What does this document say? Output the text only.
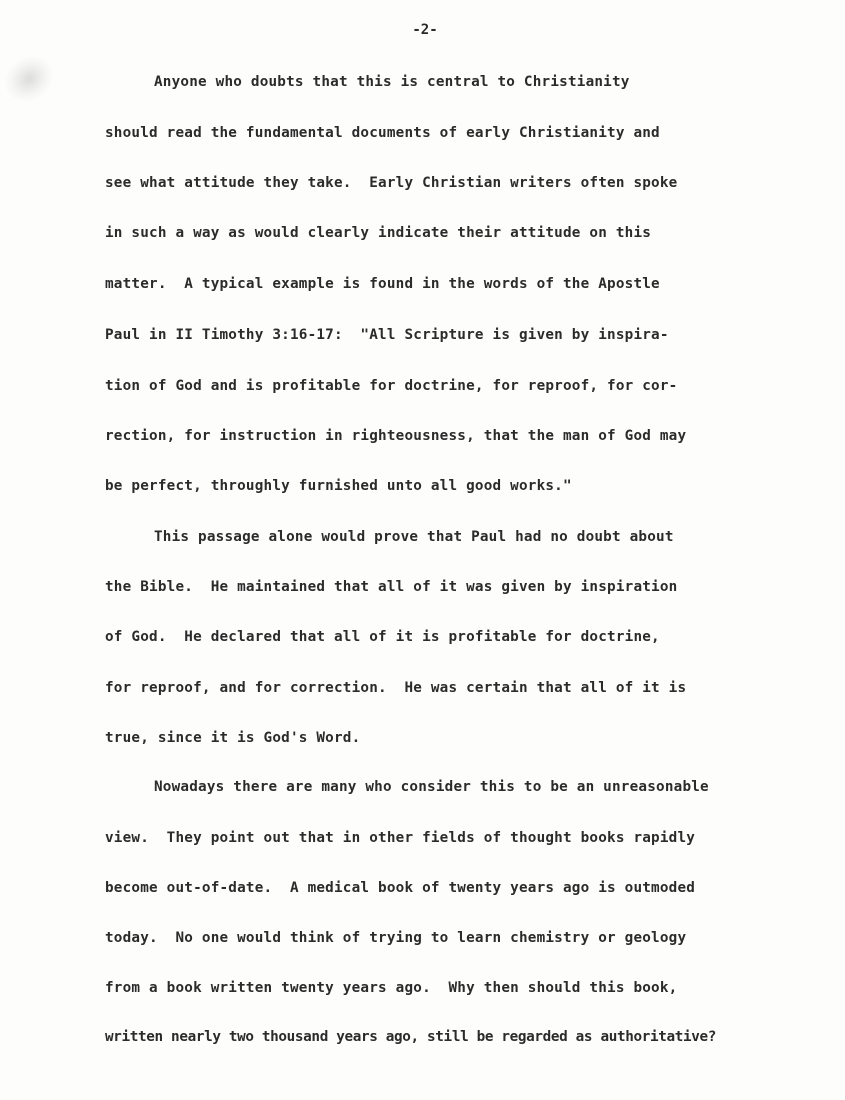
-2-
Anyone who doubts that this is central to Christianity
should read the fundamental documents of early Christianity and
see what attitude they take.  Early Christian writers often spoke
in such a way as would clearly indicate their attitude on this
matter.  A typical example is found in the words of the Apostle
Paul in II Timothy 3:16-17:  "All Scripture is given by inspira-
tion of God and is profitable for doctrine, for reproof, for cor-
rection, for instruction in righteousness, that the man of God may
be perfect, throughly furnished unto all good works."
This passage alone would prove that Paul had no doubt about
the Bible.  He maintained that all of it was given by inspiration
of God.  He declared that all of it is profitable for doctrine,
for reproof, and for correction.  He was certain that all of it is
true, since it is God's Word.
Nowadays there are many who consider this to be an unreasonable
view.  They point out that in other fields of thought books rapidly
become out-of-date.  A medical book of twenty years ago is outmoded
today.  No one would think of trying to learn chemistry or geology
from a book written twenty years ago.  Why then should this book,
written nearly two thousand years ago, still be regarded as authoritative?
